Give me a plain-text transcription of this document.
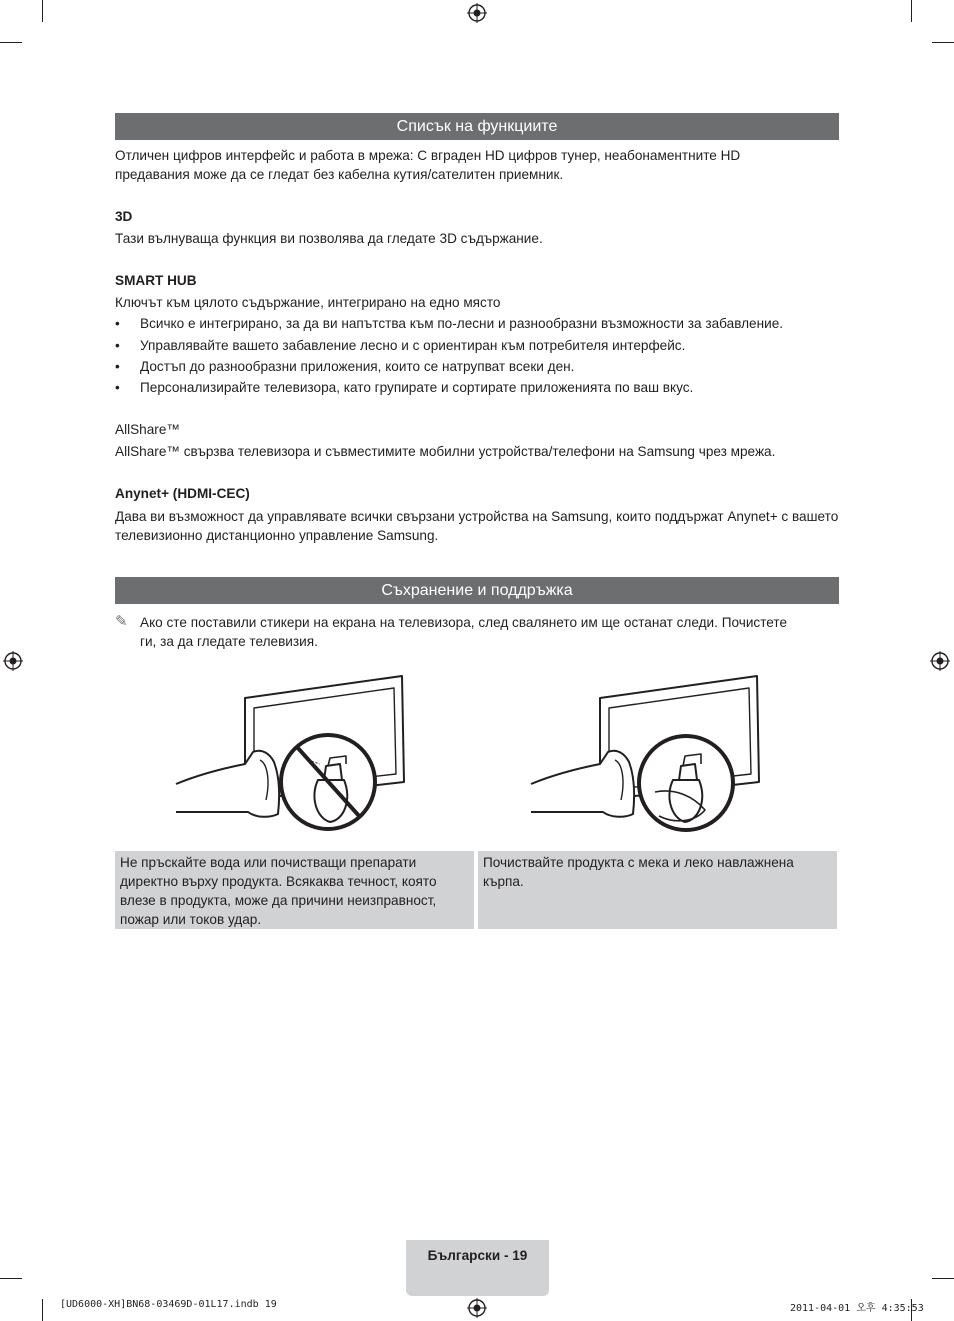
Списък на функциите
Отличен цифров интерфейс и работа в мрежа: С вграден HD цифров тунер, неабонаментните HD предавания може да се гледат без кабелна кутия/сателитен приемник.
3D
Тази вълнуваща функция ви позволява да гледате 3D съдържание.
SMART HUB
Ключът към цялото съдържание, интегрирано на едно място
• Всичко е интегрирано, за да ви напътства към по-лесни и разнообразни възможности за забавление.
• Управлявайте вашето забавление лесно и с ориентиран към потребителя интерфейс.
• Достъп до разнообразни приложения, които се натрупват всеки ден.
• Персонализирайте телевизора, като групирате и сортирате приложенията по ваш вкус.
AllShare™
AllShare™ свързва телевизора и съвместимите мобилни устройства/телефони на Samsung чрез мрежа.
Anynet+ (HDMI-CEC)
Дава ви възможност да управлявате всички свързани устройства на Samsung, които поддържат Anynet+ с вашето телевизионно дистанционно управление Samsung.
Съхранение и поддръжка
✎ Ако сте поставили стикери на екрана на телевизора, след свалянето им ще останат следи. Почистете ги, за да гледате телевизия.
Не пръскайте вода или почистващи препарати директно върху продукта. Всякаква течност, която влезе в продукта, може да причини неизправност, пожар или токов удар.
Почиствайте продукта с мека и леко навлажнена кърпа.
Български - 19
[UD6000-XH]BN68-03469D-01L17.indb 19	2011-04-01 오후 4:35:53
